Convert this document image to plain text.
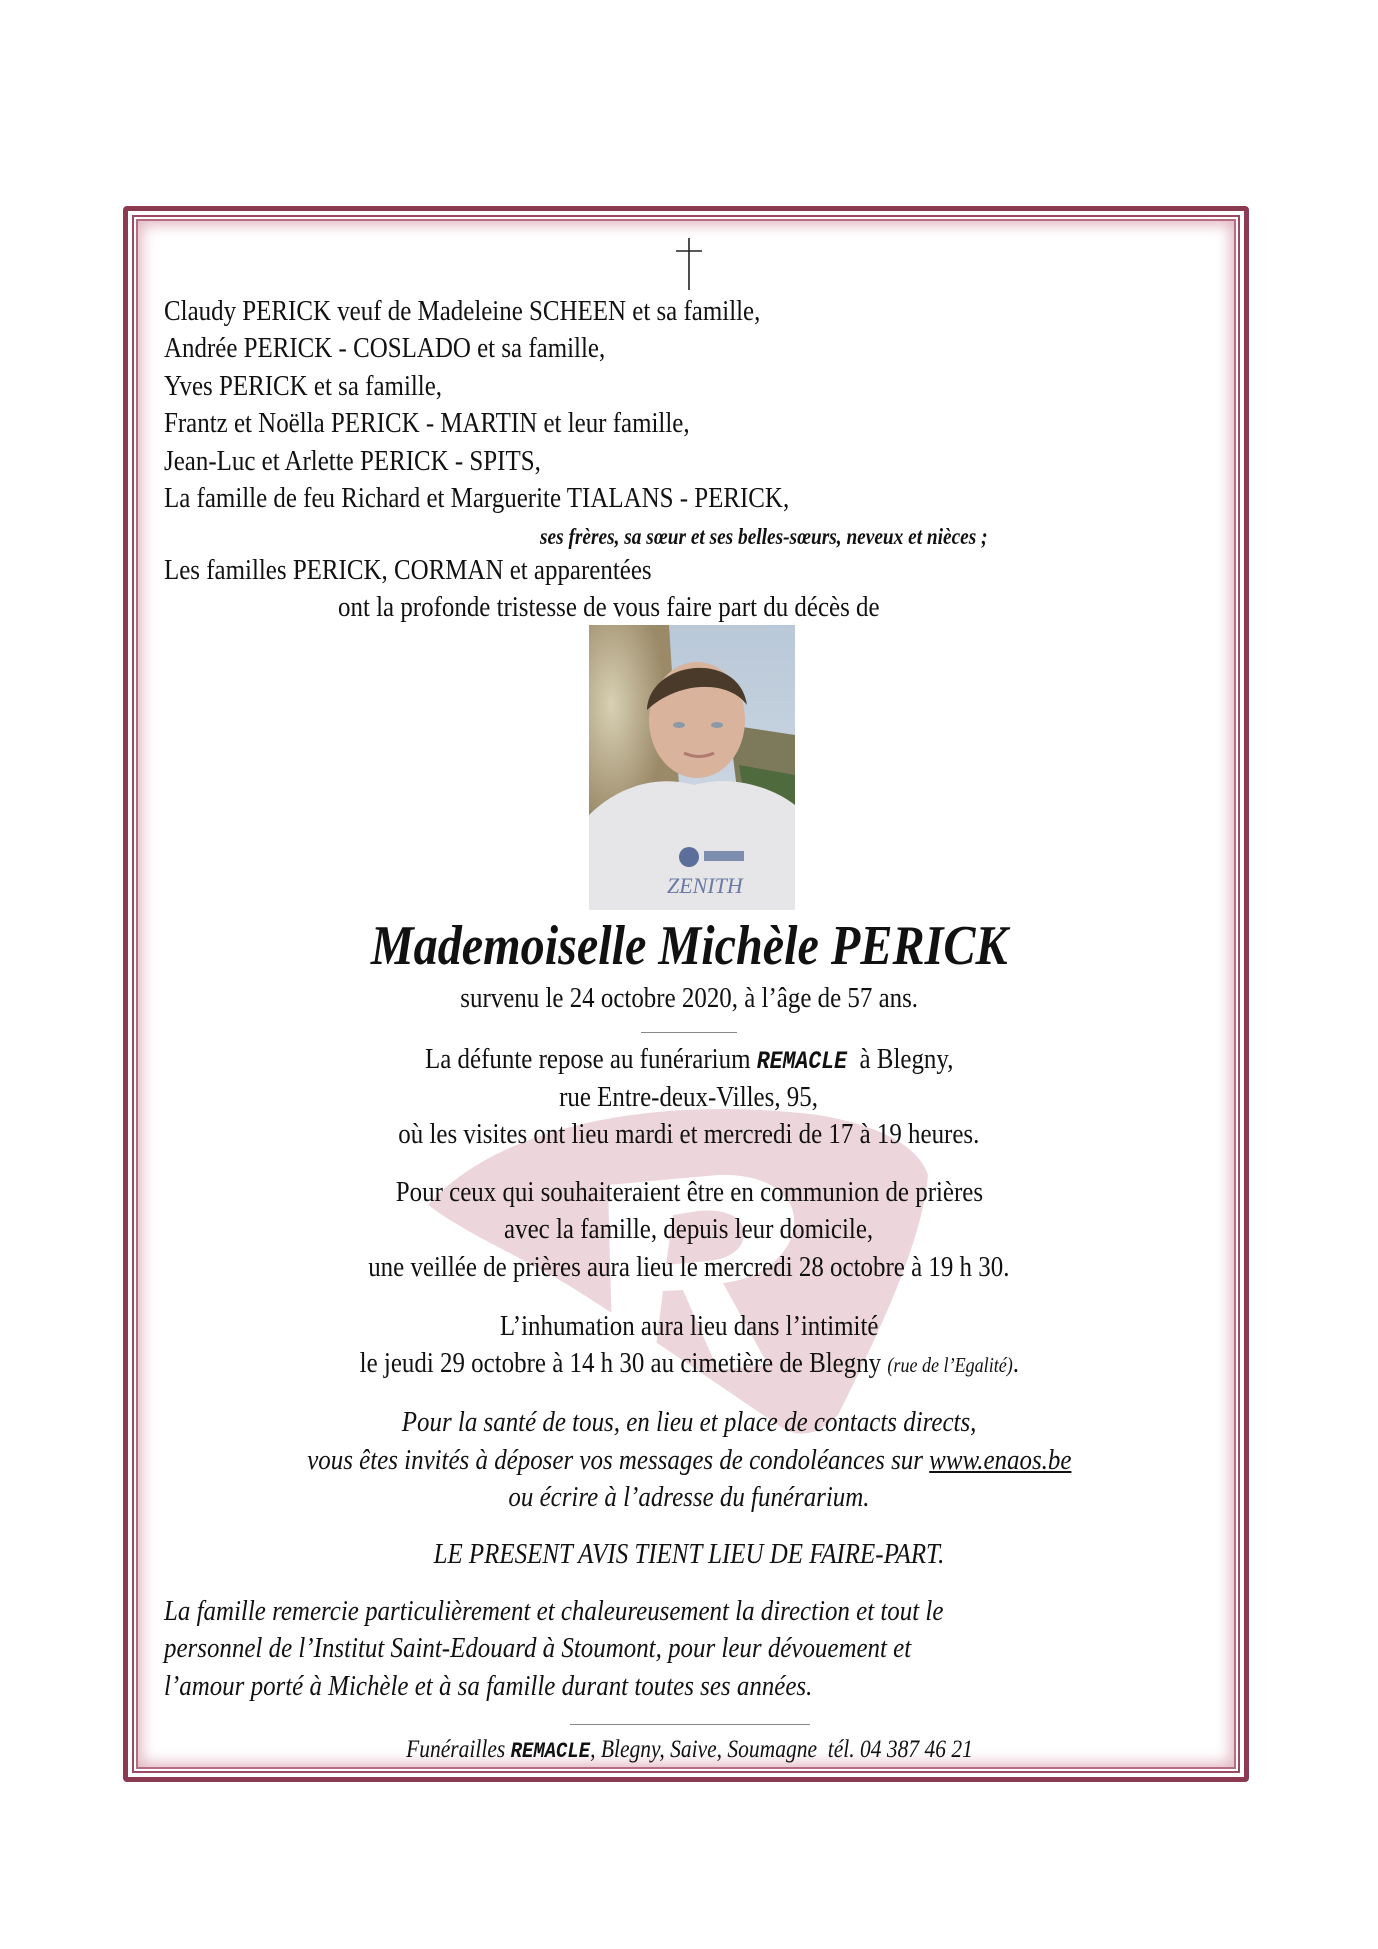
Claudy PERICK veuf de Madeleine SCHEEN et sa famille,
Andrée PERICK - COSLADO et sa famille,
Yves PERICK et sa famille,
Frantz et Noëlla PERICK - MARTIN et leur famille,
Jean-Luc et Arlette PERICK - SPITS,
La famille de feu Richard et Marguerite TIALANS - PERICK,
ses frères, sa sœur et ses belles-sœurs, neveux et nièces ;
Les familles PERICK, CORMAN et apparentées
ont la profonde tristesse de vous faire part du décès de
ZENITH
Mademoiselle Michèle PERICK
survenu le 24 octobre 2020, à l’âge de 57 ans.
La défunte repose au funérarium REMACLE  à Blegny,
rue Entre-deux-Villes, 95,
où les visites ont lieu mardi et mercredi de 17 à 19 heures.
Pour ceux qui souhaiteraient être en communion de prières
avec la famille, depuis leur domicile,
une veillée de prières aura lieu le mercredi 28 octobre à 19 h 30.
L’inhumation aura lieu dans l’intimité
le jeudi 29 octobre à 14 h 30 au cimetière de Blegny (rue de l’Egalité).
Pour la santé de tous, en lieu et place de contacts directs,
vous êtes invités à déposer vos messages de condoléances sur www.enaos.be
ou écrire à l’adresse du funérarium.
LE PRESENT AVIS TIENT LIEU DE FAIRE-PART.
La famille remercie particulièrement et chaleureusement la direction et tout le
personnel de l’Institut Saint-Edouard à Stoumont, pour leur dévouement et
l’amour porté à Michèle et à sa famille durant toutes ses années.
Funérailles REMACLE, Blegny, Saive, Soumagne  tél. 04 387 46 21
